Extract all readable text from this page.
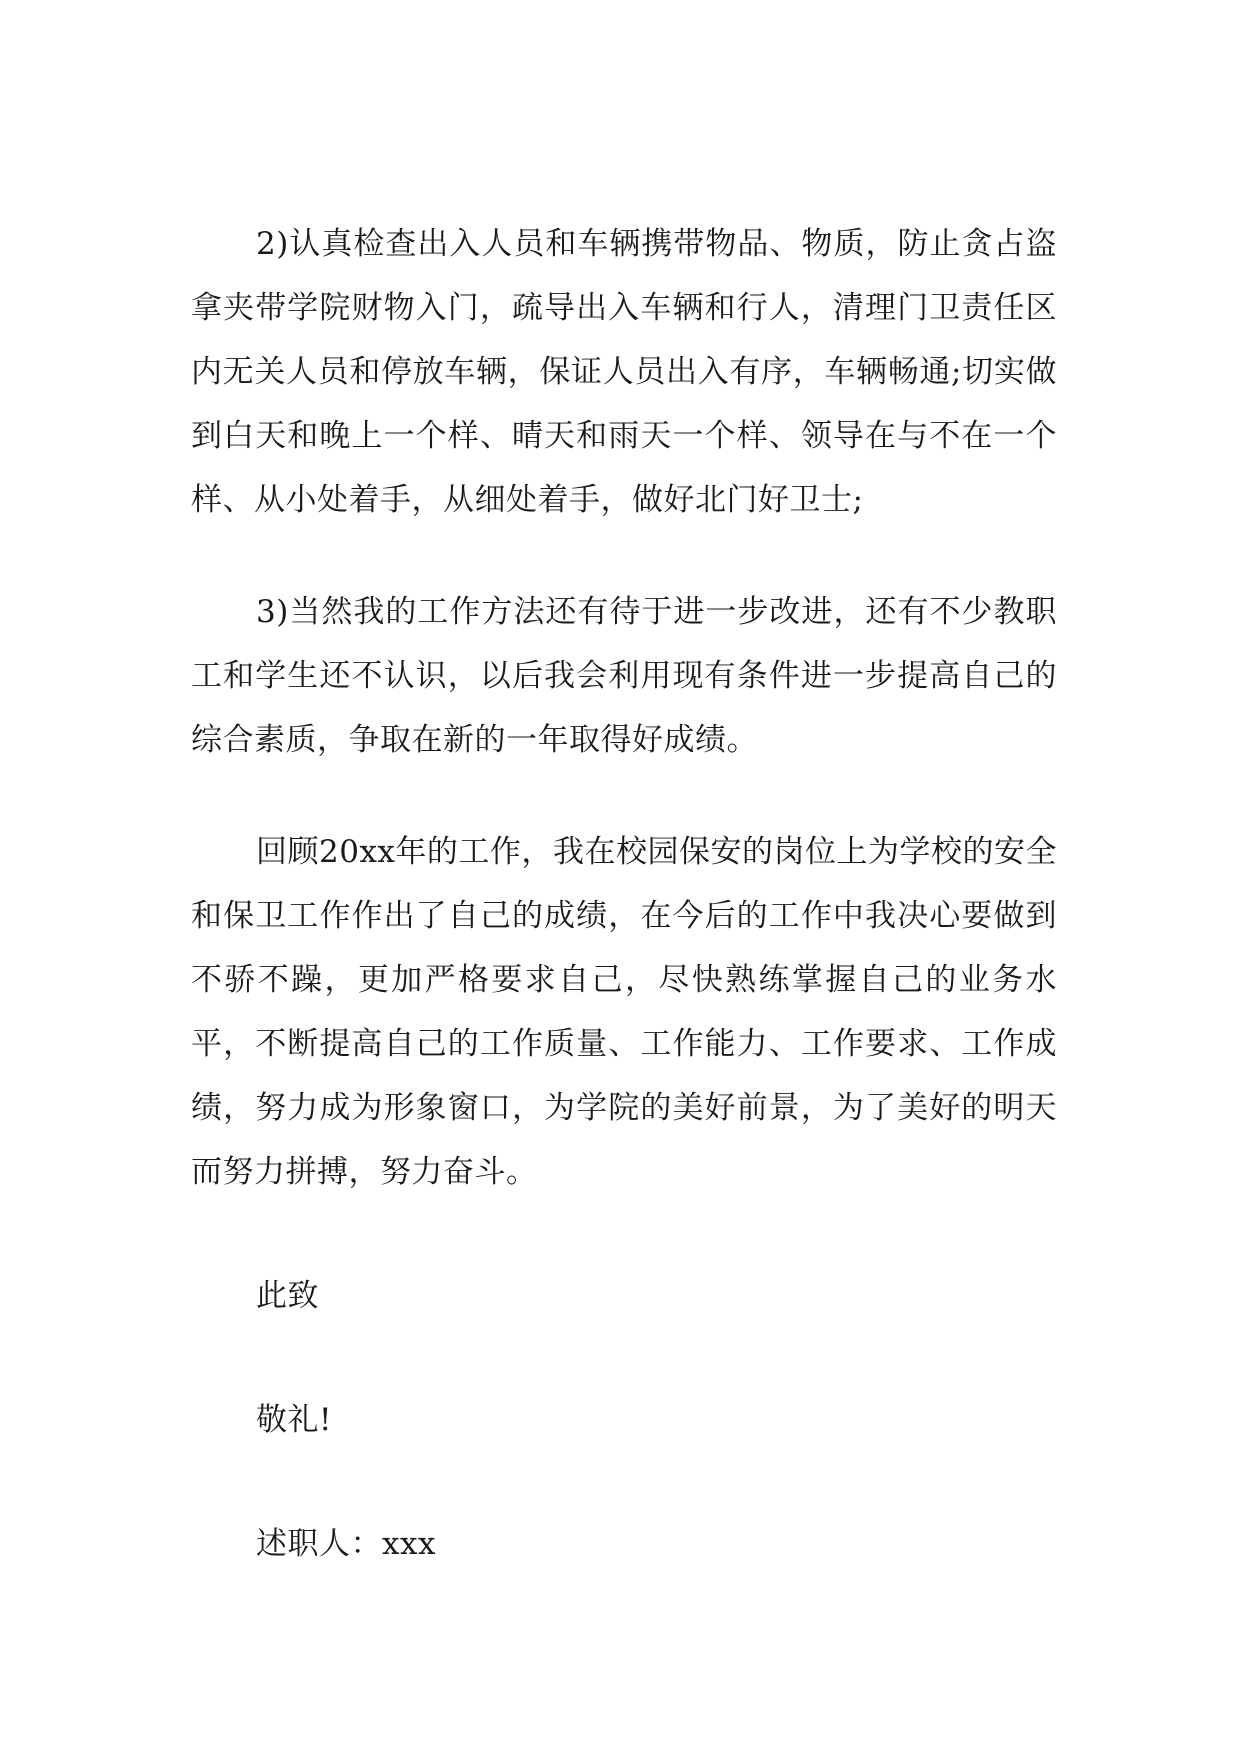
2)认真检查出入人员和车辆携带物品、物质，防止贪占盗拿夹带学院财物入门，疏导出入车辆和行人，清理门卫责任区内无关人员和停放车辆，保证人员出入有序，车辆畅通;切实做到白天和晚上一个样、晴天和雨天一个样、领导在与不在一个样、从小处着手，从细处着手，做好北门好卫士;

3)当然我的工作方法还有待于进一步改进，还有不少教职工和学生还不认识，以后我会利用现有条件进一步提高自己的综合素质，争取在新的一年取得好成绩。

回顾20xx年的工作，我在校园保安的岗位上为学校的安全和保卫工作作出了自己的成绩，在今后的工作中我决心要做到不骄不躁，更加严格要求自己，尽快熟练掌握自己的业务水平，不断提高自己的工作质量、工作能力、工作要求、工作成绩，努力成为形象窗口，为学院的美好前景，为了美好的明天而努力拼搏，努力奋斗。

此致

敬礼!

述职人：xxx
